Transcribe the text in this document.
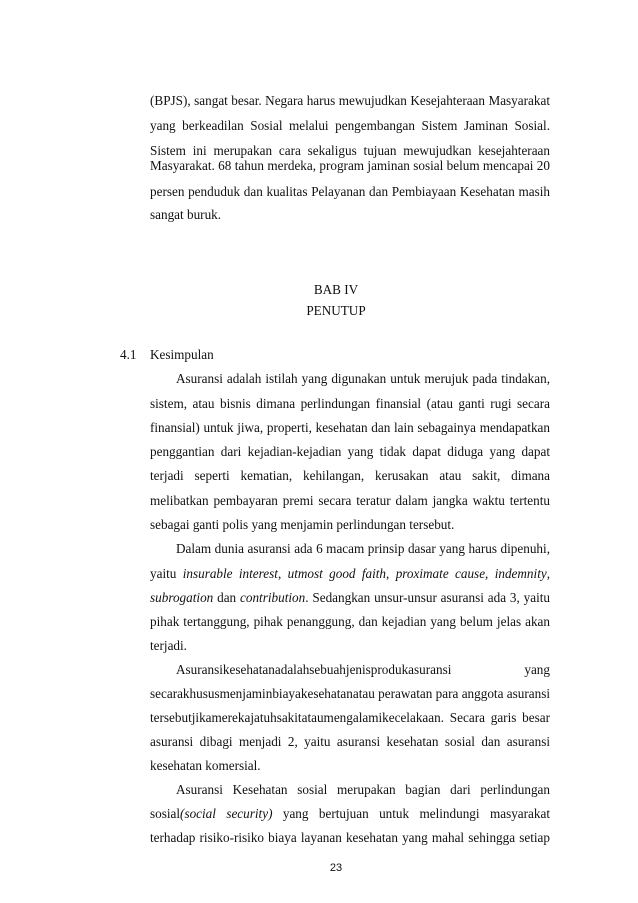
(BPJS), sangat besar. Negara harus mewujudkan Kesejahteraan Masyarakat
yang berkeadilan Sosial melalui pengembangan Sistem Jaminan Sosial.
Sistem ini merupakan cara sekaligus tujuan mewujudkan kesejahteraan
Masyarakat. 68 tahun merdeka, program jaminan sosial belum mencapai 20
persen penduduk dan kualitas Pelayanan dan Pembiayaan Kesehatan masih
sangat buruk.
BAB IV
PENUTUP
4.1 Kesimpulan
Asuransi adalah istilah yang digunakan untuk merujuk pada tindakan,
sistem, atau bisnis dimana perlindungan finansial (atau ganti rugi secara
finansial) untuk jiwa, properti, kesehatan dan lain sebagainya mendapatkan
penggantian dari kejadian-kejadian yang tidak dapat diduga yang dapat
terjadi seperti kematian, kehilangan, kerusakan atau sakit, dimana
melibatkan pembayaran premi secara teratur dalam jangka waktu tertentu
sebagai ganti polis yang menjamin perlindungan tersebut.
Dalam dunia asuransi ada 6 macam prinsip dasar yang harus dipenuhi,
yaitu insurable interest, utmost good faith, proximate cause, indemnity,
subrogation dan contribution. Sedangkan unsur-unsur asuransi ada 3, yaitu
pihak tertanggung, pihak penanggung, dan kejadian yang belum jelas akan
terjadi.
Asuransikesehatanadalahsebuahjenisprodukasuransi	yang
secarakhususmenjaminbiayakesehatanatau perawatan para anggota asuransi
tersebutjikamerekajatuhsakitataumengalamikecelakaan. Secara garis besar
asuransi dibagi menjadi 2, yaitu asuransi kesehatan sosial dan asuransi
kesehatan komersial.
Asuransi Kesehatan sosial merupakan bagian dari perlindungan
sosial(social security) yang bertujuan untuk melindungi masyarakat
terhadap risiko-risiko biaya layanan kesehatan yang mahal sehingga setiap
23
